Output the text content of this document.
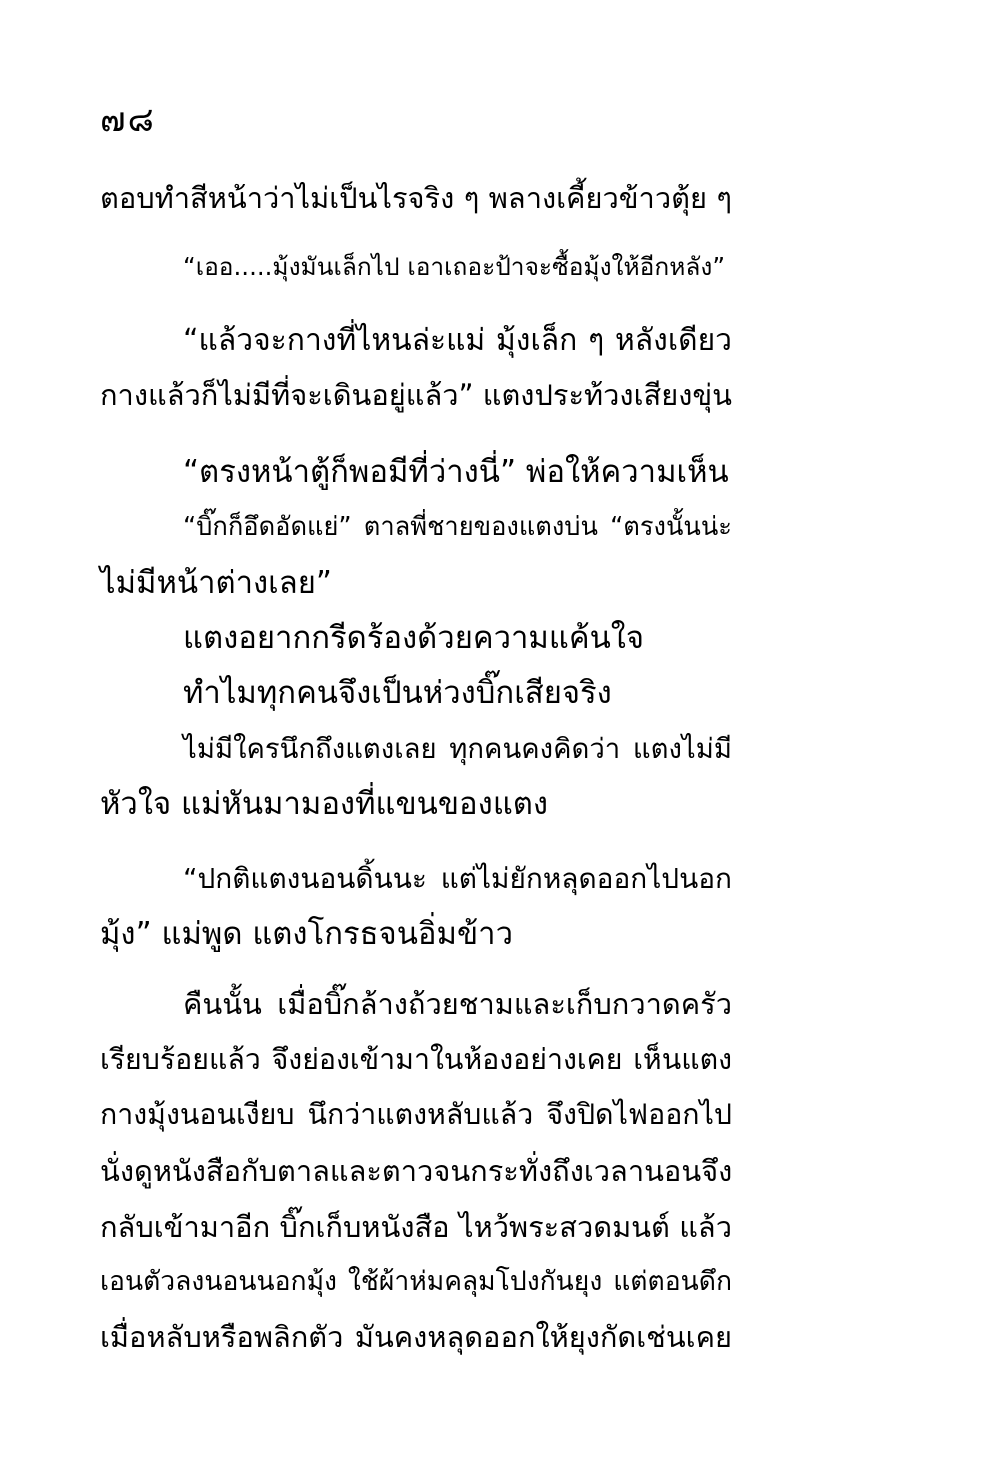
๗๘
ตอบทำสีหน้าว่าไม่เป็นไรจริง ๆ พลางเคี้ยวข้าวตุ้ย ๆ
“เออ.....มุ้งมันเล็กไป เอาเถอะป้าจะซื้อมุ้งให้อีกหลัง”
“แล้วจะกางที่ไหนล่ะแม่ มุ้งเล็ก ๆ หลังเดียว
กางแล้วก็ไม่มีที่จะเดินอยู่แล้ว” แตงประท้วงเสียงขุ่น
“ตรงหน้าตู้ก็พอมีที่ว่างนี่” พ่อให้ความเห็น
“บิ๊กก็อึดอัดแย่” ตาลพี่ชายของแตงบ่น “ตรงนั้นน่ะ
ไม่มีหน้าต่างเลย”
แตงอยากกรีดร้องด้วยความแค้นใจ
ทำไมทุกคนจึงเป็นห่วงบิ๊กเสียจริง
ไม่มีใครนึกถึงแตงเลย ทุกคนคงคิดว่า แตงไม่มี
หัวใจ แม่หันมามองที่แขนของแตง
“ปกติแตงนอนดิ้นนะ แต่ไม่ยักหลุดออกไปนอก
มุ้ง” แม่พูด แตงโกรธจนอิ่มข้าว
คืนนั้น เมื่อบิ๊กล้างถ้วยชามและเก็บกวาดครัว
เรียบร้อยแล้ว จึงย่องเข้ามาในห้องอย่างเคย เห็นแตง
กางมุ้งนอนเงียบ นึกว่าแตงหลับแล้ว จึงปิดไฟออกไป
นั่งดูหนังสือกับตาลและตาวจนกระทั่งถึงเวลานอนจึง
กลับเข้ามาอีก บิ๊กเก็บหนังสือ ไหว้พระสวดมนต์ แล้ว
เอนตัวลงนอนนอกมุ้ง ใช้ผ้าห่มคลุมโปงกันยุง แต่ตอนดึก
เมื่อหลับหรือพลิกตัว มันคงหลุดออกให้ยุงกัดเช่นเคย
